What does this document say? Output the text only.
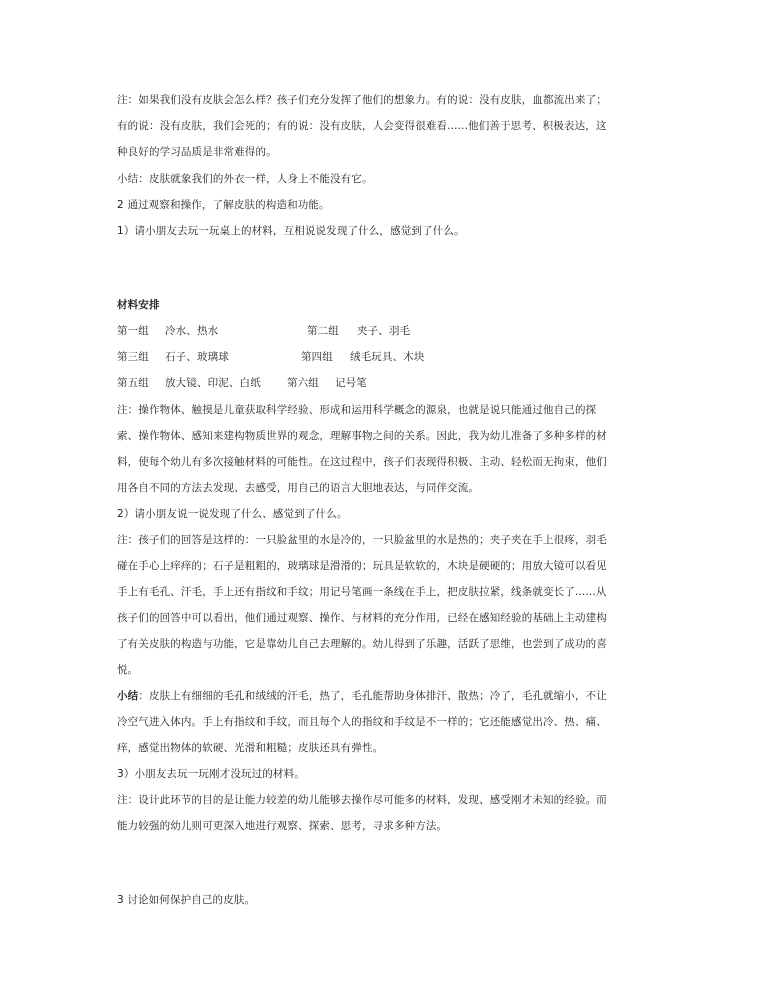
注：如果我们没有皮肤会怎么样？孩子们充分发挥了他们的想象力。有的说：没有皮肤，血都流出来了；
有的说：没有皮肤，我们会死的；有的说：没有皮肤，人会变得很难看......他们善于思考、积极表达，这
种良好的学习品质是非常难得的。
小结：皮肤就象我们的外衣一样，人身上不能没有它。
2 通过观察和操作，了解皮肤的构造和功能。
1）请小朋友去玩一玩桌上的材料，互相说说发现了什么，感觉到了什么。
材料安排
第一组 冷水、热水	第二组 夹子、羽毛
第三组 石子、玻璃球	第四组 绒毛玩具、木块
第五组 放大镜、印泥、白纸 第六组 记号笔
注：操作物体、触摸是儿童获取科学经验、形成和运用科学概念的源泉，也就是说只能通过他自己的探
索、操作物体、感知来建构物质世界的观念，理解事物之间的关系。因此，我为幼儿准备了多种多样的材
料，使每个幼儿有多次接触材料的可能性。在这过程中，孩子们表现得积极、主动、轻松而无拘束，他们
用各自不同的方法去发现、去感受，用自己的语言大胆地表达，与同伴交流。
2）请小朋友说一说发现了什么、感觉到了什么。
注：孩子们的回答是这样的：一只脸盆里的水是冷的，一只脸盆里的水是热的；夹子夹在手上很疼，羽毛
碰在手心上痒痒的；石子是粗粗的，玻璃球是滑滑的；玩具是软软的，木块是硬硬的；用放大镜可以看见
手上有毛孔、汗毛，手上还有指纹和手纹；用记号笔画一条线在手上，把皮肤拉紧，线条就变长了......从
孩子们的回答中可以看出，他们通过观察、操作、与材料的充分作用，已经在感知经验的基础上主动建构
了有关皮肤的构造与功能，它是靠幼儿自己去理解的。幼儿得到了乐趣，活跃了思维，也尝到了成功的喜
悦。
小结：皮肤上有细细的毛孔和绒绒的汗毛，热了，毛孔能帮助身体排汗、散热；冷了，毛孔就缩小，不让
冷空气进入体内。手上有指纹和手纹，而且每个人的指纹和手纹是不一样的；它还能感觉出冷、热、痛、
痒，感觉出物体的软硬、光滑和粗糙；皮肤还具有弹性。
3）小朋友去玩一玩刚才没玩过的材料。
注：设计此环节的目的是让能力较差的幼儿能够去操作尽可能多的材料，发现、感受刚才未知的经验。而
能力较强的幼儿则可更深入地进行观察、探索、思考，寻求多种方法。
3 讨论如何保护自己的皮肤。
